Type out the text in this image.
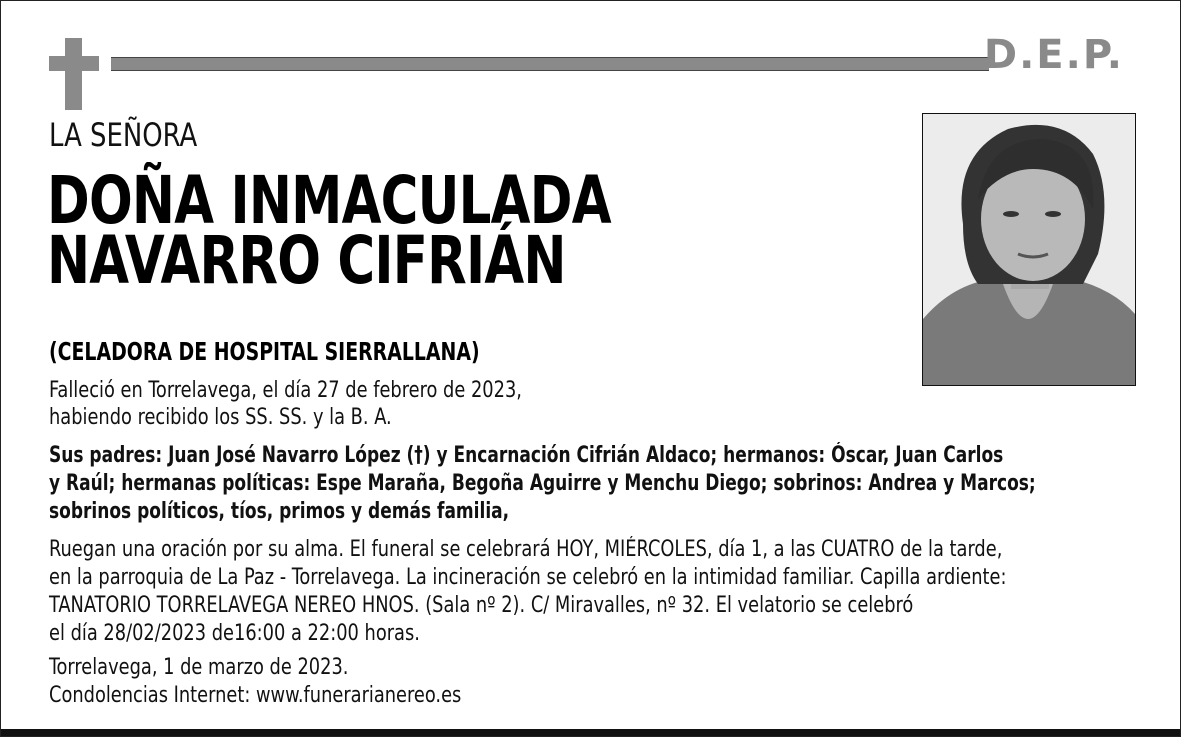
D.E.P.
LA SEÑORA
DOÑA INMACULADA
NAVARRO CIFRIÁN
(CELADORA DE HOSPITAL SIERRALLANA)
Falleció en Torrelavega, el día 27 de febrero de 2023,
habiendo recibido los SS. SS. y la B. A.
Sus padres: Juan José Navarro López (†) y Encarnación Cifrián Aldaco; hermanos: Óscar, Juan Carlos
y Raúl; hermanas políticas: Espe Maraña, Begoña Aguirre y Menchu Diego; sobrinos: Andrea y Marcos;
sobrinos políticos, tíos, primos y demás familia,
Ruegan una oración por su alma. El funeral se celebrará HOY, MIÉRCOLES, día 1, a las CUATRO de la tarde,
en la parroquia de La Paz - Torrelavega. La incineración se celebró en la intimidad familiar. Capilla ardiente:
TANATORIO TORRELAVEGA NEREO HNOS. (Sala nº 2). C/ Miravalles, nº 32. El velatorio se celebró
el día 28/02/2023 de16:00 a 22:00 horas.
Torrelavega, 1 de marzo de 2023.
Condolencias Internet: www.funerarianereo.es
